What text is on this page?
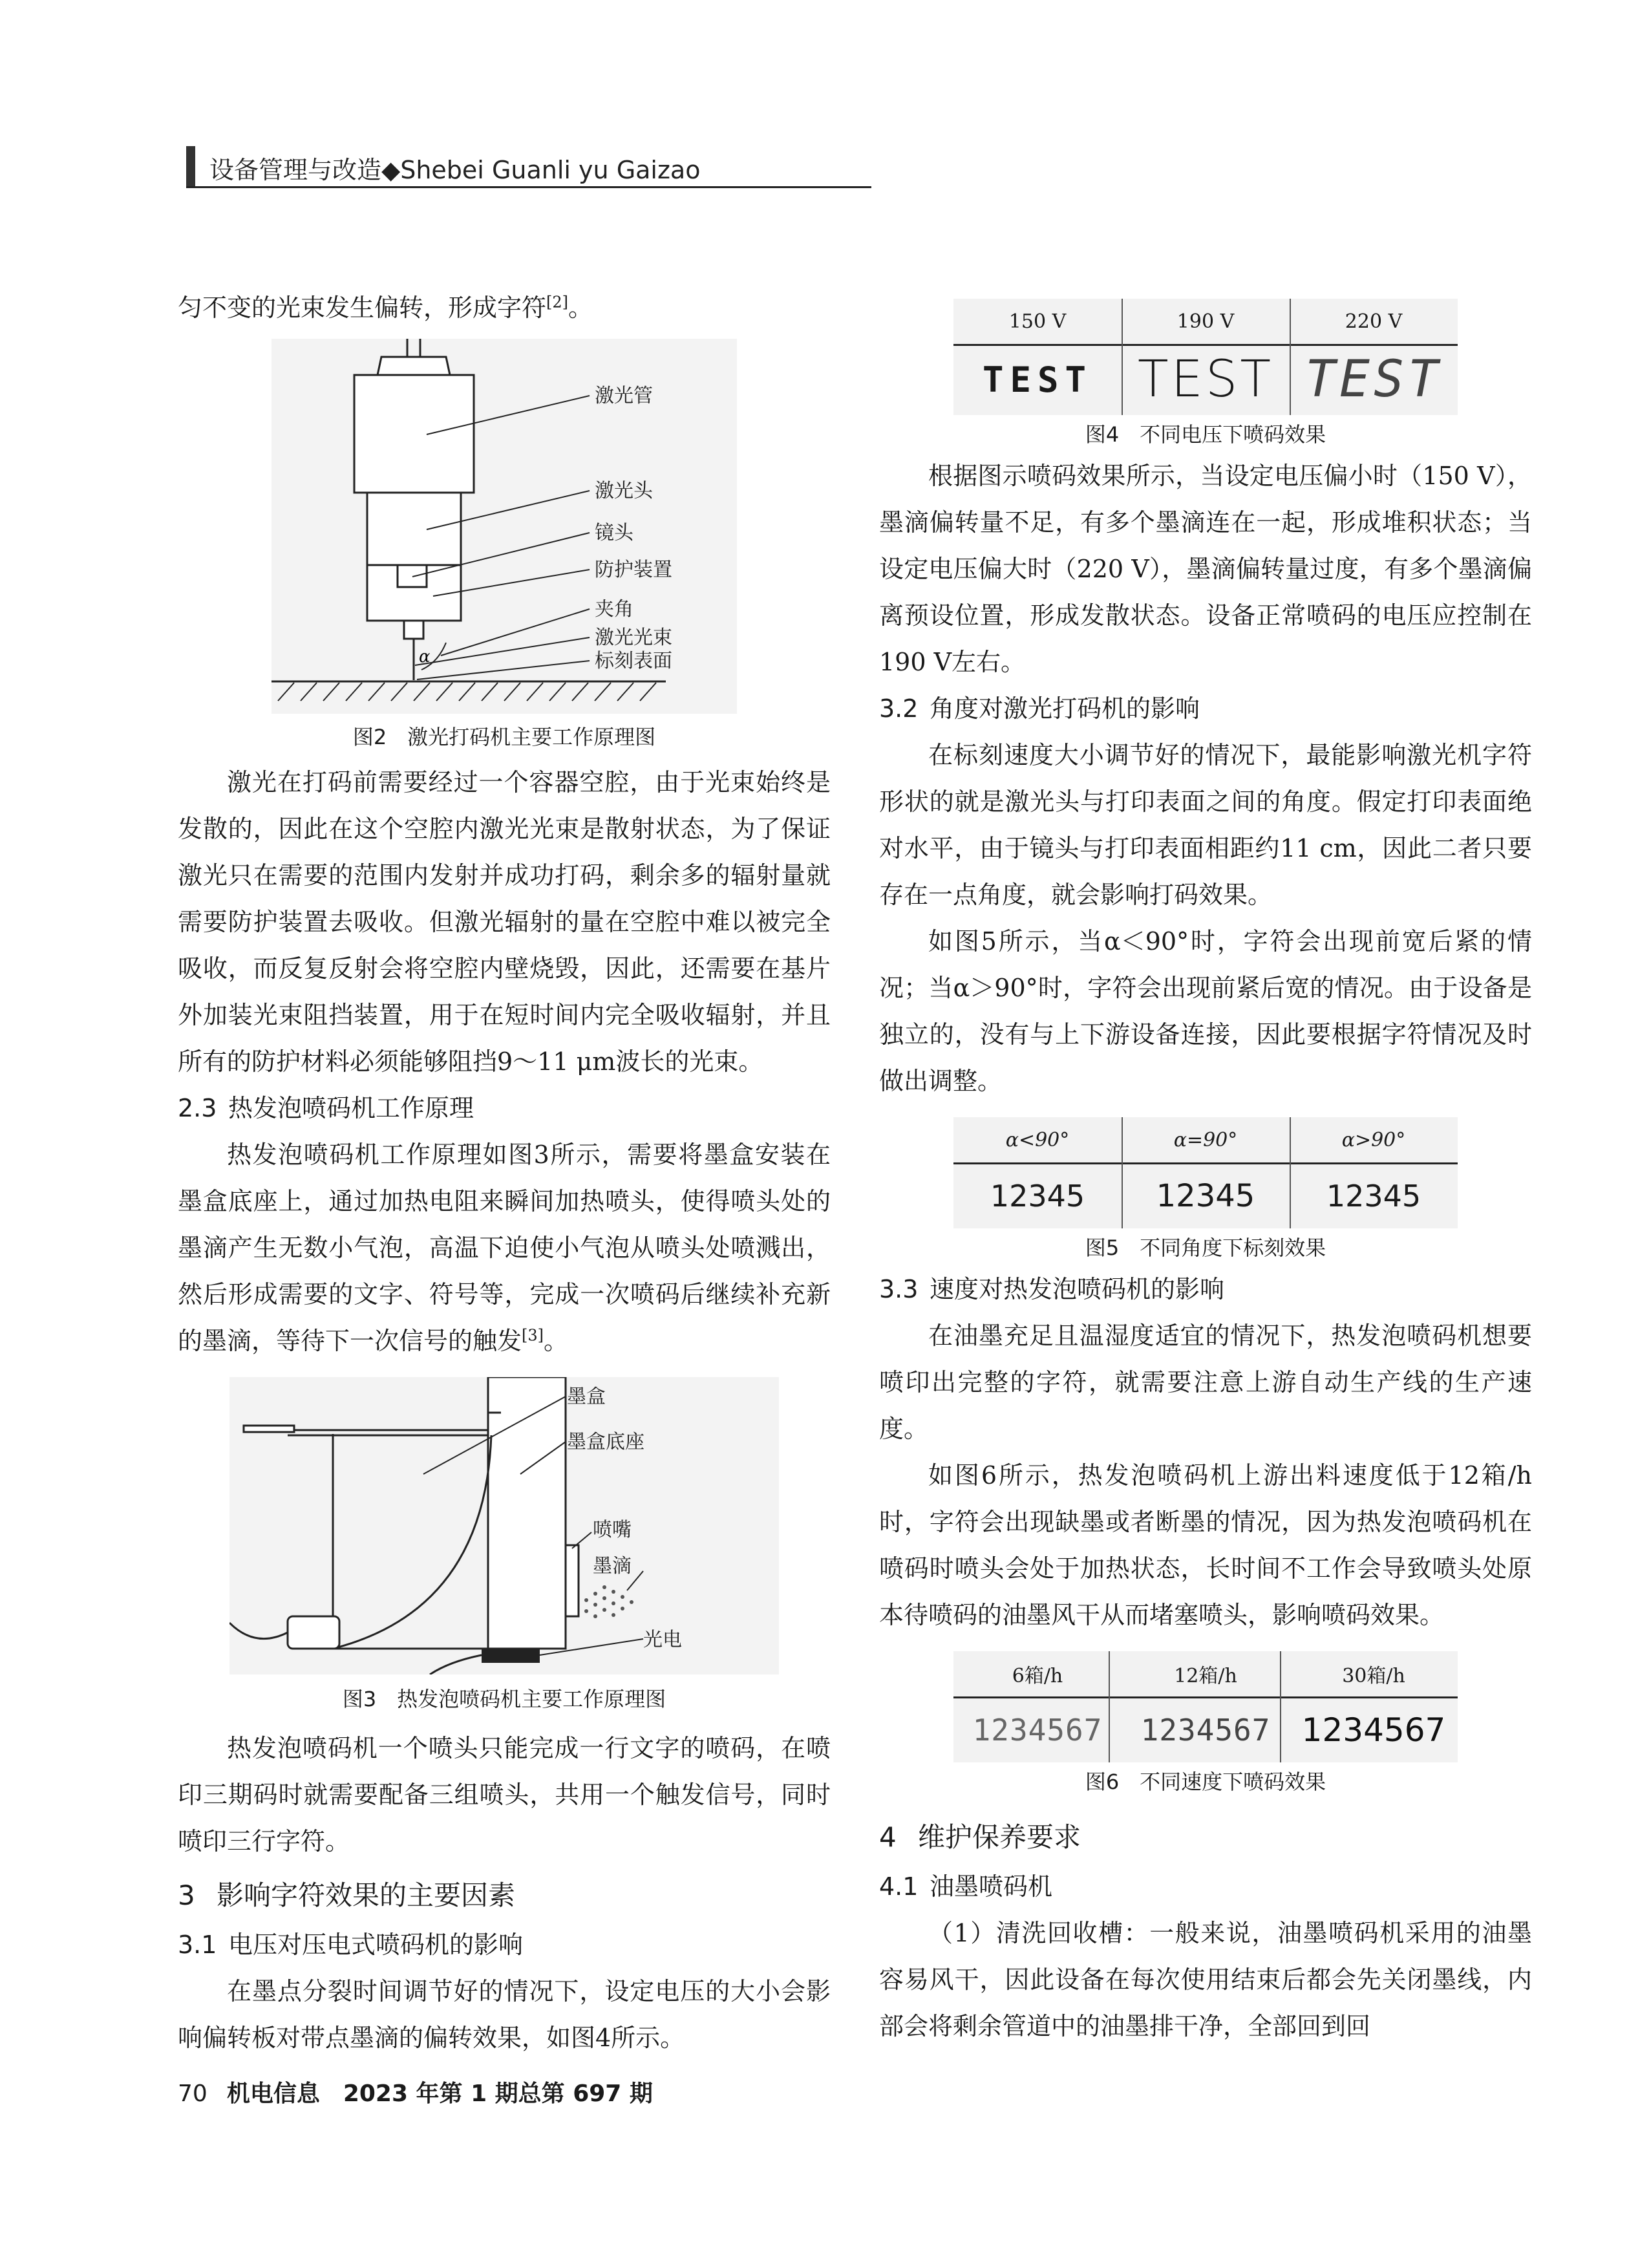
设备管理与改造◆Shebei Guanli yu Gaizao

匀不变的光束发生偏转，形成字符[2]。

α
激光管
激光头
镜头
防护装置
夹角
激光光束
标刻表面

图2　激光打码机主要工作原理图

激光在打码前需要经过一个容器空腔，由于光束始终是发散的，因此在这个空腔内激光光束是散射状态，为了保证激光只在需要的范围内发射并成功打码，剩余多的辐射量就需要防护装置去吸收。但激光辐射的量在空腔中难以被完全吸收，而反复反射会将空腔内壁烧毁，因此，还需要在基片外加装光束阻挡装置，用于在短时间内完全吸收辐射，并且所有的防护材料必须能够阻挡9～11 μm波长的光束。

2.3 热发泡喷码机工作原理

热发泡喷码机工作原理如图3所示，需要将墨盒安装在墨盒底座上，通过加热电阻来瞬间加热喷头，使得喷头处的墨滴产生无数小气泡，高温下迫使小气泡从喷头处喷溅出，然后形成需要的文字、符号等，完成一次喷码后继续补充新的墨滴，等待下一次信号的触发[3]。

墨盒
墨盒底座
喷嘴
墨滴
光电

图3　热发泡喷码机主要工作原理图

热发泡喷码机一个喷头只能完成一行文字的喷码，在喷印三期码时就需要配备三组喷头，共用一个触发信号，同时喷印三行字符。

3 影响字符效果的主要因素

3.1 电压对压电式喷码机的影响

在墨点分裂时间调节好的情况下，设定电压的大小会影响偏转板对带点墨滴的偏转效果，如图4所示。

150 V	190 V	220 V
TEST TEST TEST

图4　不同电压下喷码效果

根据图示喷码效果所示，当设定电压偏小时（150 V），墨滴偏转量不足，有多个墨滴连在一起，形成堆积状态；当设定电压偏大时（220 V），墨滴偏转量过度，有多个墨滴偏离预设位置，形成发散状态。设备正常喷码的电压应控制在190 V左右。

3.2 角度对激光打码机的影响

在标刻速度大小调节好的情况下，最能影响激光机字符形状的就是激光头与打印表面之间的角度。假定打印表面绝对水平，由于镜头与打印表面相距约11 cm，因此二者只要存在一点角度，就会影响打码效果。

如图5所示，当α＜90°时，字符会出现前宽后紧的情况；当α＞90°时，字符会出现前紧后宽的情况。由于设备是独立的，没有与上下游设备连接，因此要根据字符情况及时做出调整。

α<90°	α=90°	α>90°
12345	12345	12345

图5　不同角度下标刻效果

3.3 速度对热发泡喷码机的影响

在油墨充足且温湿度适宜的情况下，热发泡喷码机想要喷印出完整的字符，就需要注意上游自动生产线的生产速度。

如图6所示，热发泡喷码机上游出料速度低于12箱/h时，字符会出现缺墨或者断墨的情况，因为热发泡喷码机在喷码时喷头会处于加热状态，长时间不工作会导致喷头处原本待喷码的油墨风干从而堵塞喷头，影响喷码效果。

6箱/h	12箱/h	30箱/h
1234567	1234567 1234567

图6　不同速度下喷码效果

4 维护保养要求

4.1 油墨喷码机

（1）清洗回收槽：一般来说，油墨喷码机采用的油墨容易风干，因此设备在每次使用结束后都会先关闭墨线，内部会将剩余管道中的油墨排干净，全部回到回

70 机电信息　2023 年第 1 期总第 697 期
